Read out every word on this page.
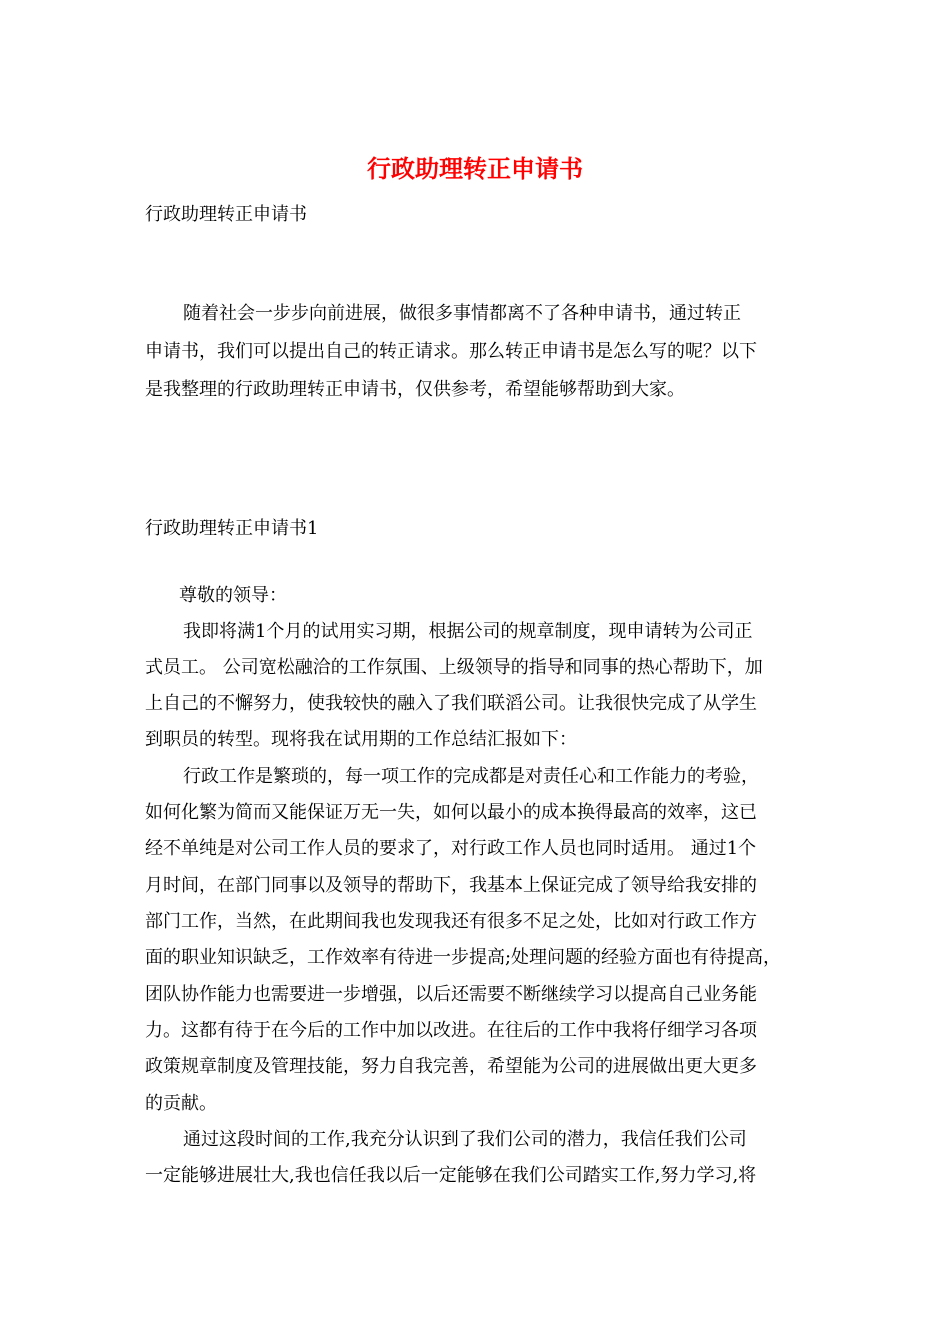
行政助理转正申请书

行政助理转正申请书

随着社会一步步向前进展，做很多事情都离不了各种申请书，通过转正

申请书，我们可以提出自己的转正请求。那么转正申请书是怎么写的呢？以下

是我整理的行政助理转正申请书，仅供参考，希望能够帮助到大家。

行政助理转正申请书1

尊敬的领导：

我即将满1个月的试用实习期，根据公司的规章制度，现申请转为公司正

式员工。 公司宽松融洽的工作氛围、上级领导的指导和同事的热心帮助下，加

上自己的不懈努力，使我较快的融入了我们联滔公司。让我很快完成了从学生

到职员的转型。现将我在试用期的工作总结汇报如下：

行政工作是繁琐的，每一项工作的完成都是对责任心和工作能力的考验，

如何化繁为简而又能保证万无一失，如何以最小的成本换得最高的效率，这已

经不单纯是对公司工作人员的要求了，对行政工作人员也同时适用。 通过1个

月时间，在部门同事以及领导的帮助下，我基本上保证完成了领导给我安排的

部门工作，当然，在此期间我也发现我还有很多不足之处，比如对行政工作方

面的职业知识缺乏，工作效率有待进一步提高;处理问题的经验方面也有待提高，

团队协作能力也需要进一步增强，以后还需要不断继续学习以提高自己业务能

力。这都有待于在今后的工作中加以改进。在往后的工作中我将仔细学习各项

政策规章制度及管理技能，努力自我完善，希望能为公司的进展做出更大更多

的贡献。

通过这段时间的工作,我充分认识到了我们公司的潜力，我信任我们公司

一定能够进展壮大,我也信任我以后一定能够在我们公司踏实工作,努力学习,将
